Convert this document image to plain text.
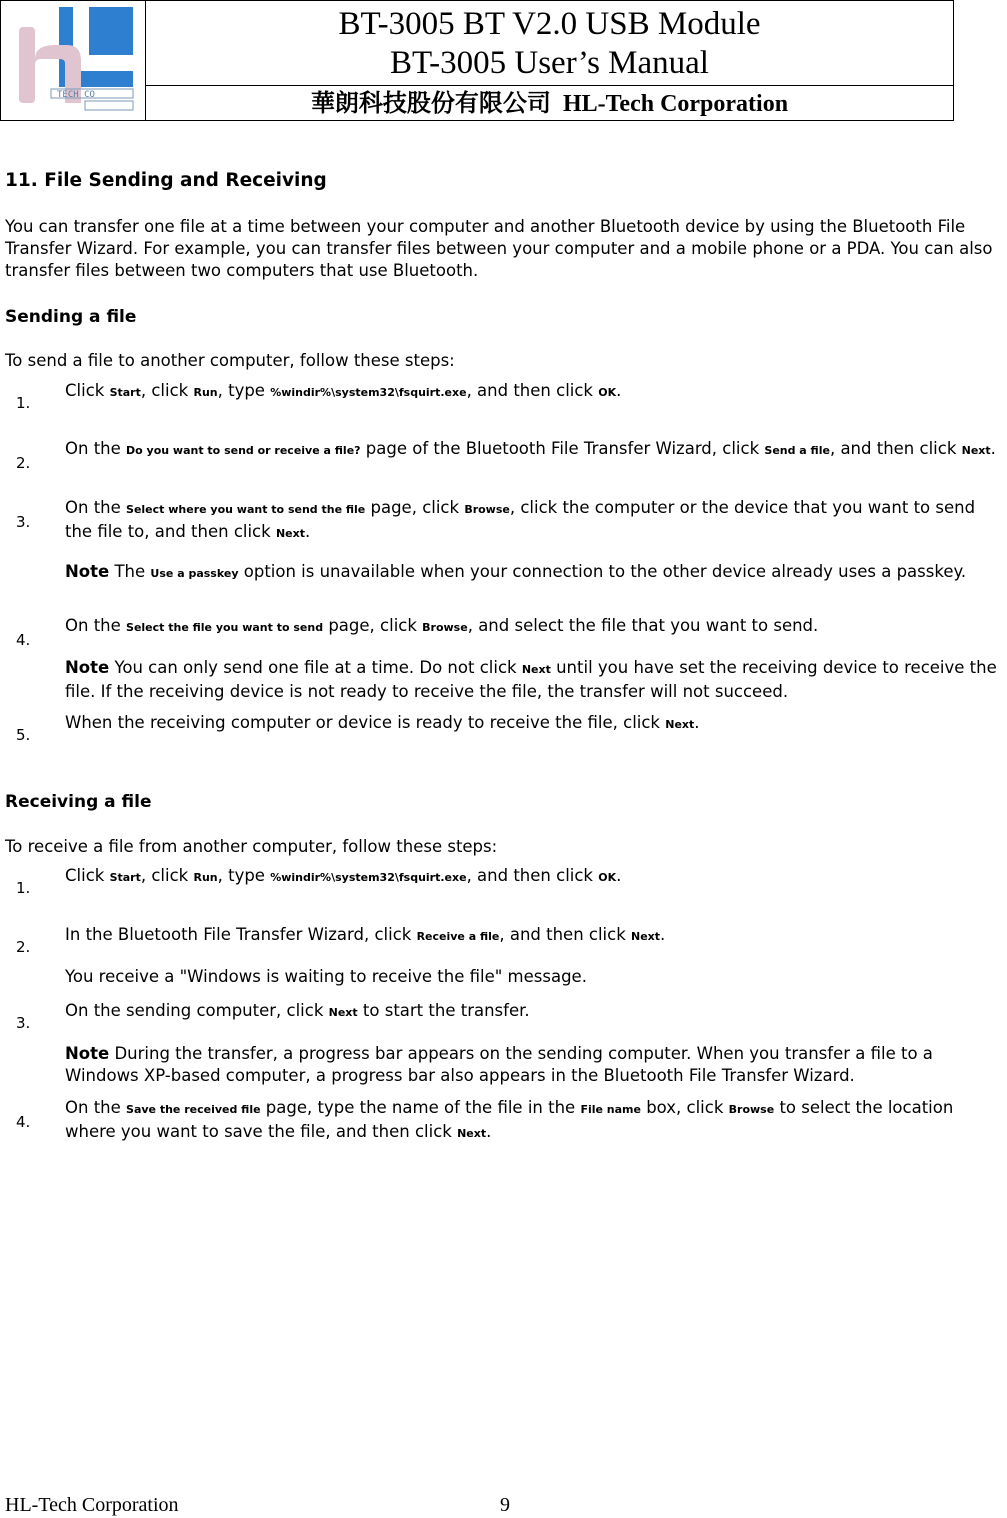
TECH CO
BT-3005 BT V2.0 USB Module
BT-3005 User’s Manual
華朗科技股份有限公司 HL-Tech Corporation
11. File Sending and Receiving
You can transfer one file at a time between your computer and another Bluetooth device by using the Bluetooth File Transfer Wizard. For example, you can transfer files between your computer and a mobile phone or a PDA. You can also transfer files between two computers that use Bluetooth.
Sending a file
To send a file to another computer, follow these steps:
1.
Click Start, click Run, type %windir%\system32\fsquirt.exe, and then click OK.
2.
On the Do you want to send or receive a file? page of the Bluetooth File Transfer Wizard, click Send a file, and then click Next.
3.
On the Select where you want to send the file page, click Browse, click the computer or the device that you want to send the file to, and then click Next.
Note The Use a passkey option is unavailable when your connection to the other device already uses a passkey.
4.
On the Select the file you want to send page, click Browse, and select the file that you want to send.
Note You can only send one file at a time. Do not click Next until you have set the receiving device to receive the file. If the receiving device is not ready to receive the file, the transfer will not succeed.
5.
When the receiving computer or device is ready to receive the file, click Next.
Receiving a file
To receive a file from another computer, follow these steps:
1.
Click Start, click Run, type %windir%\system32\fsquirt.exe, and then click OK.
2.
In the Bluetooth File Transfer Wizard, click Receive a file, and then click Next.
You receive a "Windows is waiting to receive the file" message.
3.
On the sending computer, click Next to start the transfer.
Note During the transfer, a progress bar appears on the sending computer. When you transfer a file to a Windows XP-based computer, a progress bar also appears in the Bluetooth File Transfer Wizard.
4.
On the Save the received file page, type the name of the file in the File name box, click Browse to select the location where you want to save the file, and then click Next.
HL-Tech Corporation	9
